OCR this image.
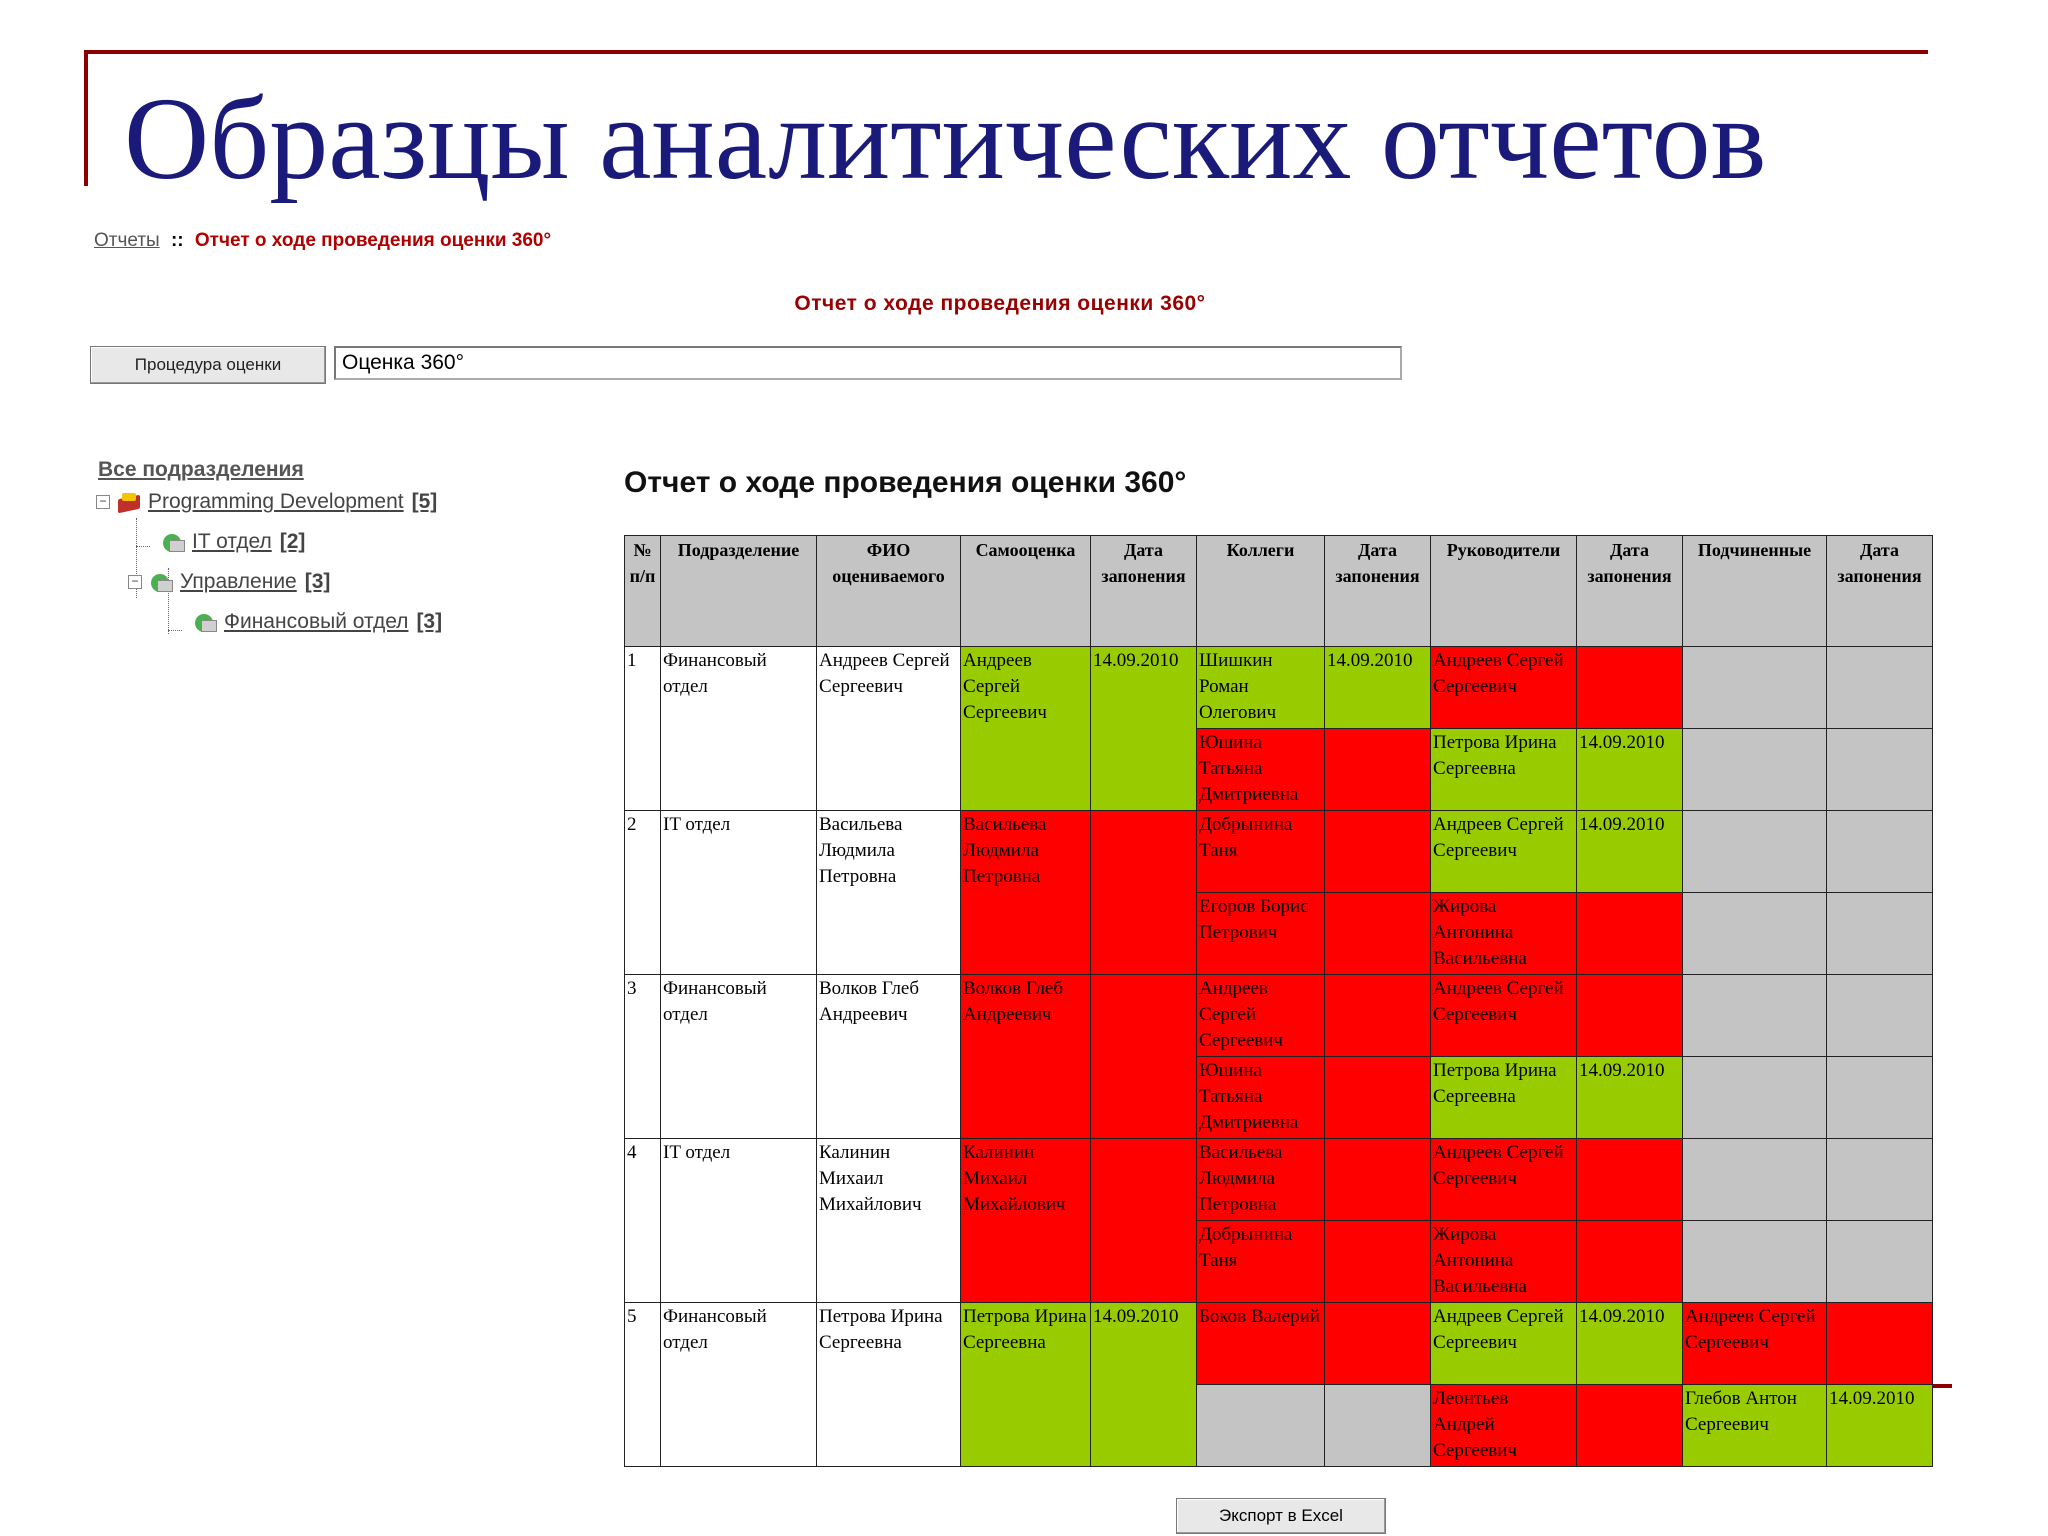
Образцы аналитических отчетов
Отчеты :: Отчет о ходе проведения оценки 360°
Отчет о ходе проведения оценки 360°
Процедура оценки	Оценка 360°
Все подразделения
− Programming Development [5]
IT отдел [2]
− Управление [3]
Финансовый отдел [3]
Отчет о ходе проведения оценки 360°
№ п/п	Подразделение	ФИО оцениваемого	Самооценка	Дата запонения	Коллеги	Дата запонения	Руководители	Дата запонения	Подчиненные	Дата запонения
1	Финансовый отдел	Андреев Сергей Сергеевич	Андреев Сергей Сергеевич	14.09.2010	Шишкин Роман Олегович	14.09.2010	Андреев Сергей Сергеевич			
					Юшина Татьяна Дмитриевна		Петрова Ирина Сергеевна	14.09.2010		
2	IT отдел	Васильева Людмила Петровна	Васильева Людмила Петровна		Добрынина Таня		Андреев Сергей Сергеевич	14.09.2010		
					Егоров Борис Петрович		Жирова Антонина Васильевна			
3	Финансовый отдел	Волков Глеб Андреевич	Волков Глеб Андреевич		Андреев Сергей Сергеевич		Андреев Сергей Сергеевич			
					Юшина Татьяна Дмитриевна		Петрова Ирина Сергеевна	14.09.2010		
4	IT отдел	Калинин Михаил Михайлович	Калинин Михаил Михайлович		Васильева Людмила Петровна		Андреев Сергей Сергеевич			
					Добрынина Таня		Жирова Антонина Васильевна			
5	Финансовый отдел	Петрова Ирина Сергеевна	Петрова Ирина Сергеевна	14.09.2010	Боков Валерий		Андреев Сергей Сергеевич	14.09.2010	Андреев Сергей Сергеевич	
							Леонтьев Андрей Сергеевич		Глебов Антон Сергеевич	14.09.2010
Экспорт в Excel
